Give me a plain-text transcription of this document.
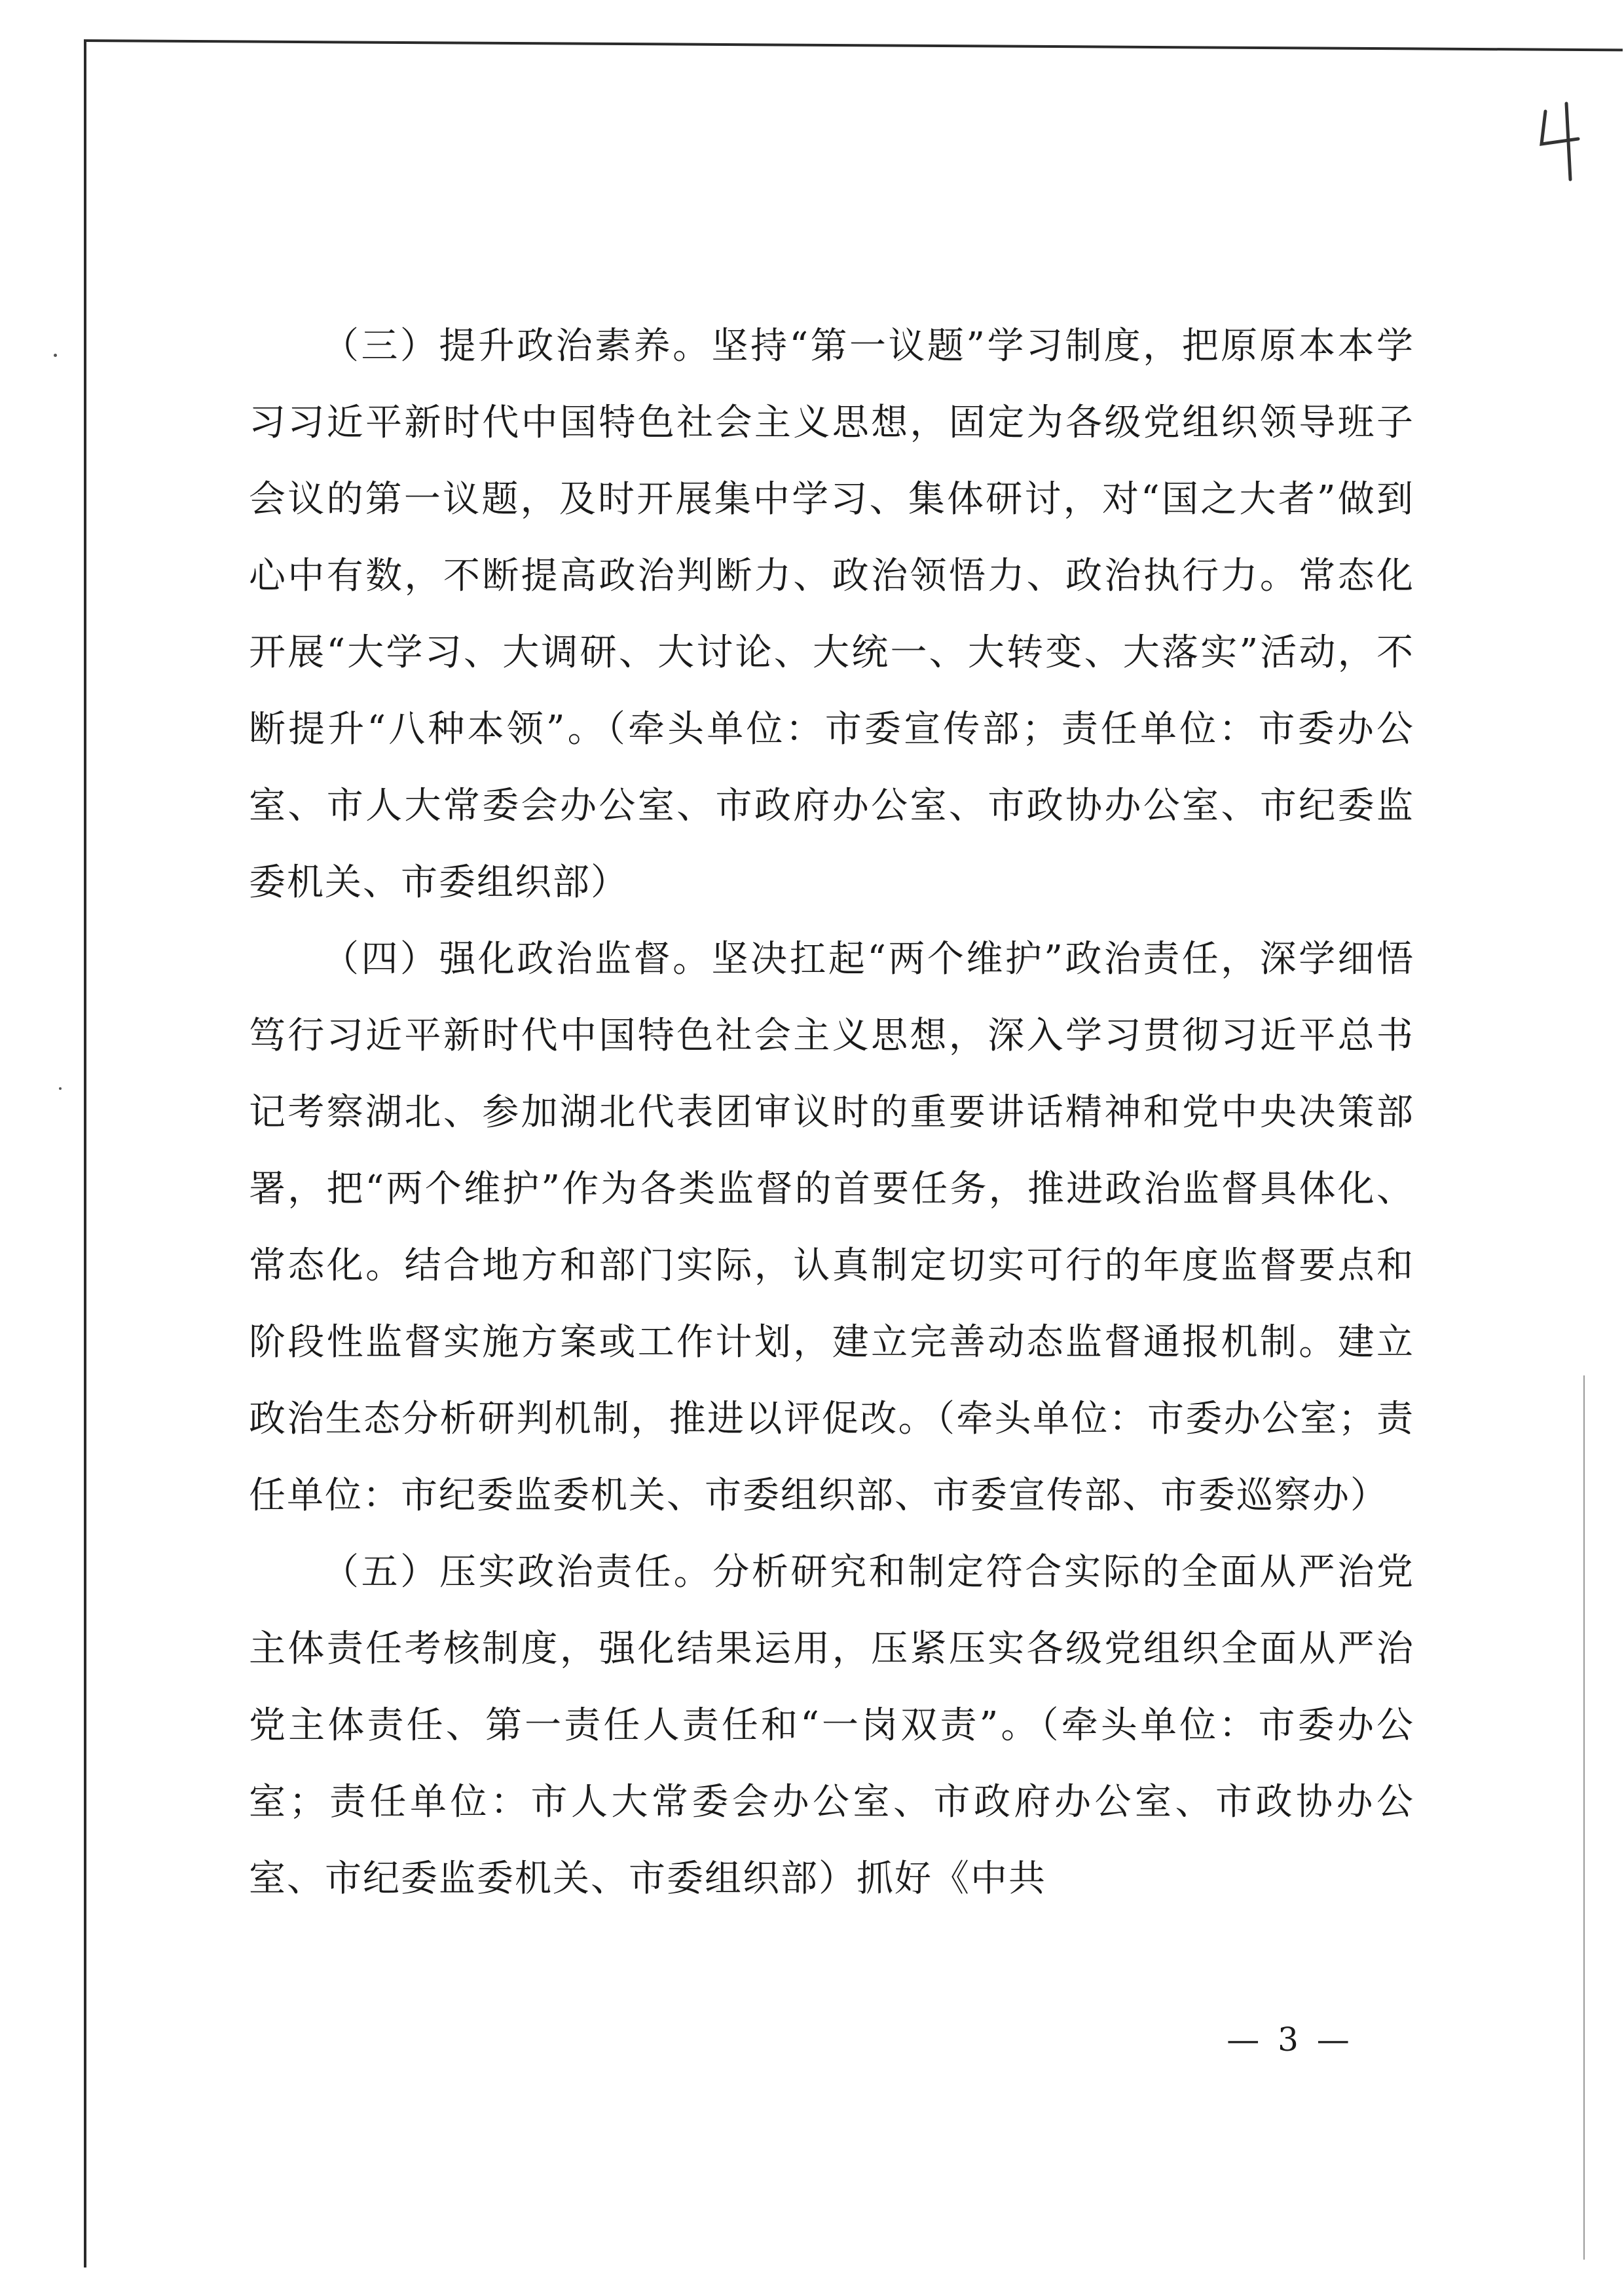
（三）提升政治素养。坚持“第一议题”学习制度，把原原本本学习习近平新时代中国特色社会主义思想，固定为各级党组织领导班子会议的第一议题，及时开展集中学习、集体研讨，对“国之大者”做到心中有数，不断提高政治判断力、政治领悟力、政治执行力。常态化开展“大学习、大调研、大讨论、大统一、大转变、大落实”活动，不断提升“八种本领”。（牵头单位：市委宣传部；责任单位：市委办公室、市人大常委会办公室、市政府办公室、市政协办公室、市纪委监委机关、市委组织部）

（四）强化政治监督。坚决扛起“两个维护”政治责任，深学细悟笃行习近平新时代中国特色社会主义思想，深入学习贯彻习近平总书记考察湖北、参加湖北代表团审议时的重要讲话精神和党中央决策部署，把“两个维护”作为各类监督的首要任务，推进政治监督具体化、常态化。结合地方和部门实际，认真制定切实可行的年度监督要点和阶段性监督实施方案或工作计划，建立完善动态监督通报机制。建立政治生态分析研判机制，推进以评促改。（牵头单位：市委办公室；责任单位：市纪委监委机关、市委组织部、市委宣传部、市委巡察办）

（五）压实政治责任。分析研究和制定符合实际的全面从严治党主体责任考核制度，强化结果运用，压紧压实各级党组织全面从严治党主体责任、第一责任人责任和“一岗双责”。（牵头单位：市委办公室；责任单位：市人大常委会办公室、市政府办公室、市政协办公室、市纪委监委机关、市委组织部）抓好《中共

— 3 —
